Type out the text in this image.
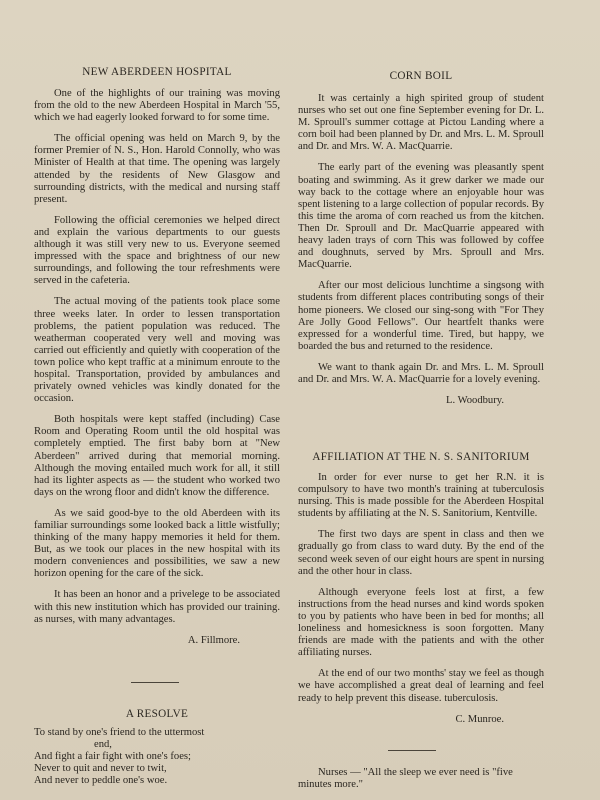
NEW ABERDEEN HOSPITAL

One of the highlights of our training was moving from the old to the new Aberdeen Hospital in March '55, which we had eagerly looked forward to for some time.

The official opening was held on March 9, by the former Premier of N. S., Hon. Harold Connolly, who was Minister of Health at that time. The opening was largely attended by the residents of New Glasgow and surrounding districts, with the medical and nursing staff present.

Following the official ceremonies we helped direct and explain the various departments to our guests although it was still very new to us. Everyone seemed impressed with the space and brightness of our new surroundings, and following the tour refreshments were served in the cafeteria.

The actual moving of the patients took place some three weeks later. In order to lessen transportation problems, the patient population was reduced. The weatherman cooperated very well and moving was carried out efficiently and quietly with cooperation of the town police who kept traffic at a minimum enroute to the hospital. Transportation, provided by ambulances and privately owned vehicles was kindly donated for the occasion.

Both hospitals were kept staffed (including) Case Room and Operating Room until the old hospital was completely emptied. The first baby born at "New Aberdeen" arrived during that memorial morning. Although the moving entailed much work for all, it still had its lighter aspects as — the student who worked two days on the wrong floor and didn't know the difference.

As we said good-bye to the old Aberdeen with its familiar surroundings some looked back a little wistfully; thinking of the many happy memories it held for them. But, as we took our places in the new hospital with its modern conveniences and possibilities, we saw a new horizon opening for the care of the sick.

It has been an honor and a privelege to be associated with this new institution which has provided our training. as nurses, with many advantages.

A. Fillmore.
A RESOLVE
To stand by one's friend to the uttermost
end,
And fight a fair fight with one's foes;
Never to quit and never to twit,
And never to peddle one's woe.
CORN BOIL

It was certainly a high spirited group of student nurses who set out one fine September evening for Dr. L. M. Sproull's summer cottage at Pictou Landing where a corn boil had been planned by Dr. and Mrs. L. M. Sproull and Dr. and Mrs. W. A. MacQuarrie.

The early part of the evening was pleasantly spent boating and swimming. As it grew darker we made our way back to the cottage where an enjoyable hour was spent listening to a large collection of popular records. By this time the aroma of corn reached us from the kitchen. Then Dr. Sproull and Dr. MacQuarrie appeared with heavy laden trays of corn This was followed by coffee and doughnuts, served by Mrs. Sproull and Mrs. MacQuarrie.

After our most delicious lunchtime a singsong with students from different places contributing songs of their home pioneers. We closed our sing-song with "For They Are Jolly Good Fellows". Our heartfelt thanks were expressed for a wonderful time. Tired, but happy, we boarded the bus and returned to the residence.

We want to thank again Dr. and Mrs. L. M. Sproull and Dr. and Mrs. W. A. MacQuarrie for a lovely evening.

L. Woodbury.
AFFILIATION AT THE N. S. SANITORIUM

In order for ever nurse to get her R.N. it is compulsory to have two month's training at tuberculosis nursing. This is made possible for the Aberdeen Hospital students by affiliating at the N. S. Sanitorium, Kentville.

The first two days are spent in class and then we gradually go from class to ward duty. By the end of the second week seven of our eight hours are spent in nursing and the other hour in class.

Although everyone feels lost at first, a few instructions from the head nurses and kind words spoken to you by patients who have been in bed for months; all loneliness and homesickness is soon forgotten. Many friends are made with the patients and with the other affiliating nurses.

At the end of our two months' stay we feel as though we have accomplished a great deal of learning and feel ready to help prevent this disease. tuberculosis.

C. Munroe.
Nurses — "All the sleep we ever need is "five minutes more."
